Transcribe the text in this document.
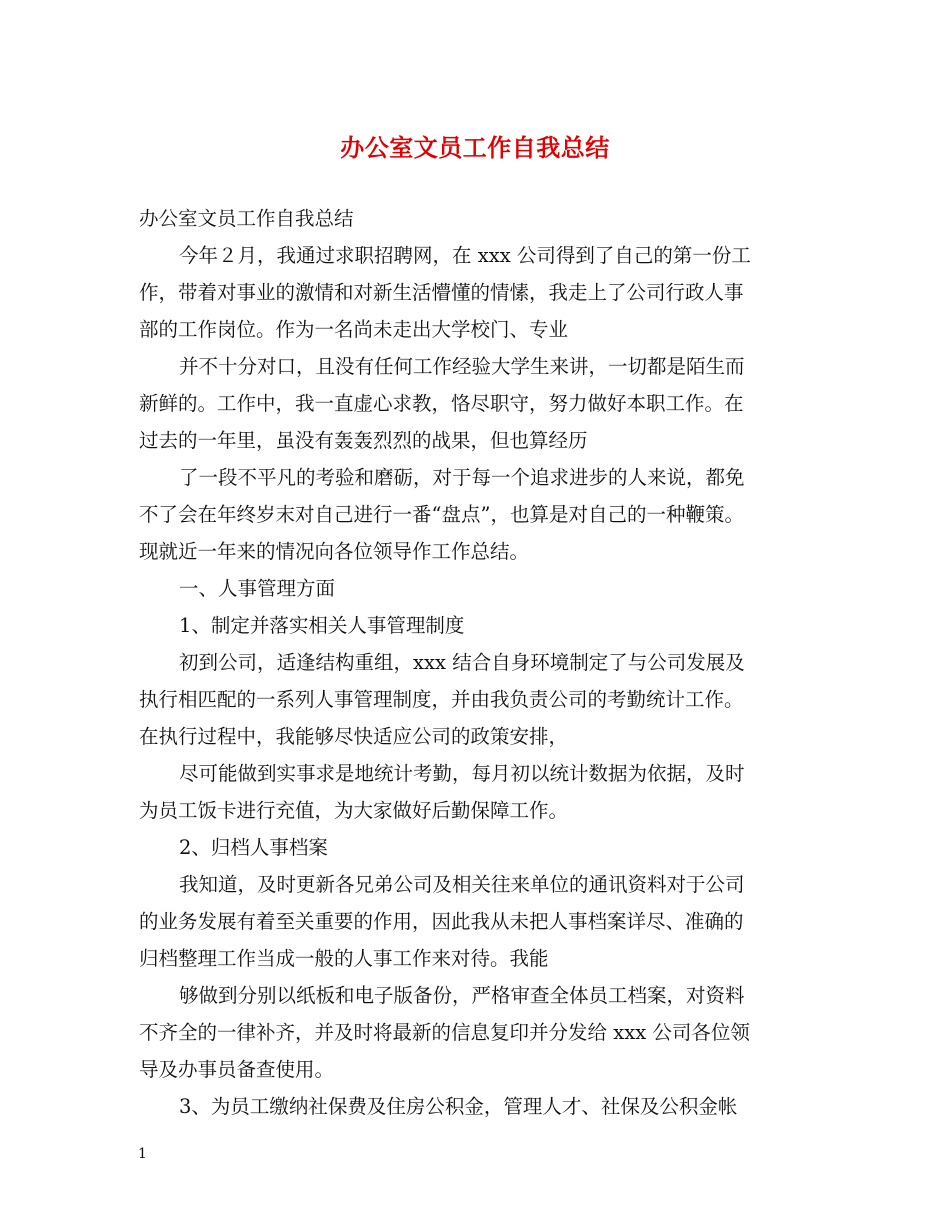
办公室文员工作自我总结
办公室文员工作自我总结
今年２月，我通过求职招聘网，在 xxx 公司得到了自己的第一份工
作，带着对事业的激情和对新生活懵懂的情愫，我走上了公司行政人事
部的工作岗位。作为一名尚未走出大学校门、专业
并不十分对口，且没有任何工作经验大学生来讲，一切都是陌生而
新鲜的。工作中，我一直虚心求教，恪尽职守，努力做好本职工作。在
过去的一年里，虽没有轰轰烈烈的战果，但也算经历
了一段不平凡的考验和磨砺，对于每一个追求进步的人来说，都免
不了会在年终岁末对自己进行一番“盘点”，也算是对自己的一种鞭策。
现就近一年来的情况向各位领导作工作总结。
一、人事管理方面
1、制定并落实相关人事管理制度
初到公司，适逢结构重组，xxx 结合自身环境制定了与公司发展及
执行相匹配的一系列人事管理制度，并由我负责公司的考勤统计工作。
在执行过程中，我能够尽快适应公司的政策安排，
尽可能做到实事求是地统计考勤，每月初以统计数据为依据，及时
为员工饭卡进行充值，为大家做好后勤保障工作。
2、归档人事档案
我知道，及时更新各兄弟公司及相关往来单位的通讯资料对于公司
的业务发展有着至关重要的作用，因此我从未把人事档案详尽、准确的
归档整理工作当成一般的人事工作来对待。我能
够做到分别以纸板和电子版备份，严格审查全体员工档案，对资料
不齐全的一律补齐，并及时将最新的信息复印并分发给 xxx 公司各位领
导及办事员备查使用。
3、为员工缴纳社保费及住房公积金，管理人才、社保及公积金帐
1
